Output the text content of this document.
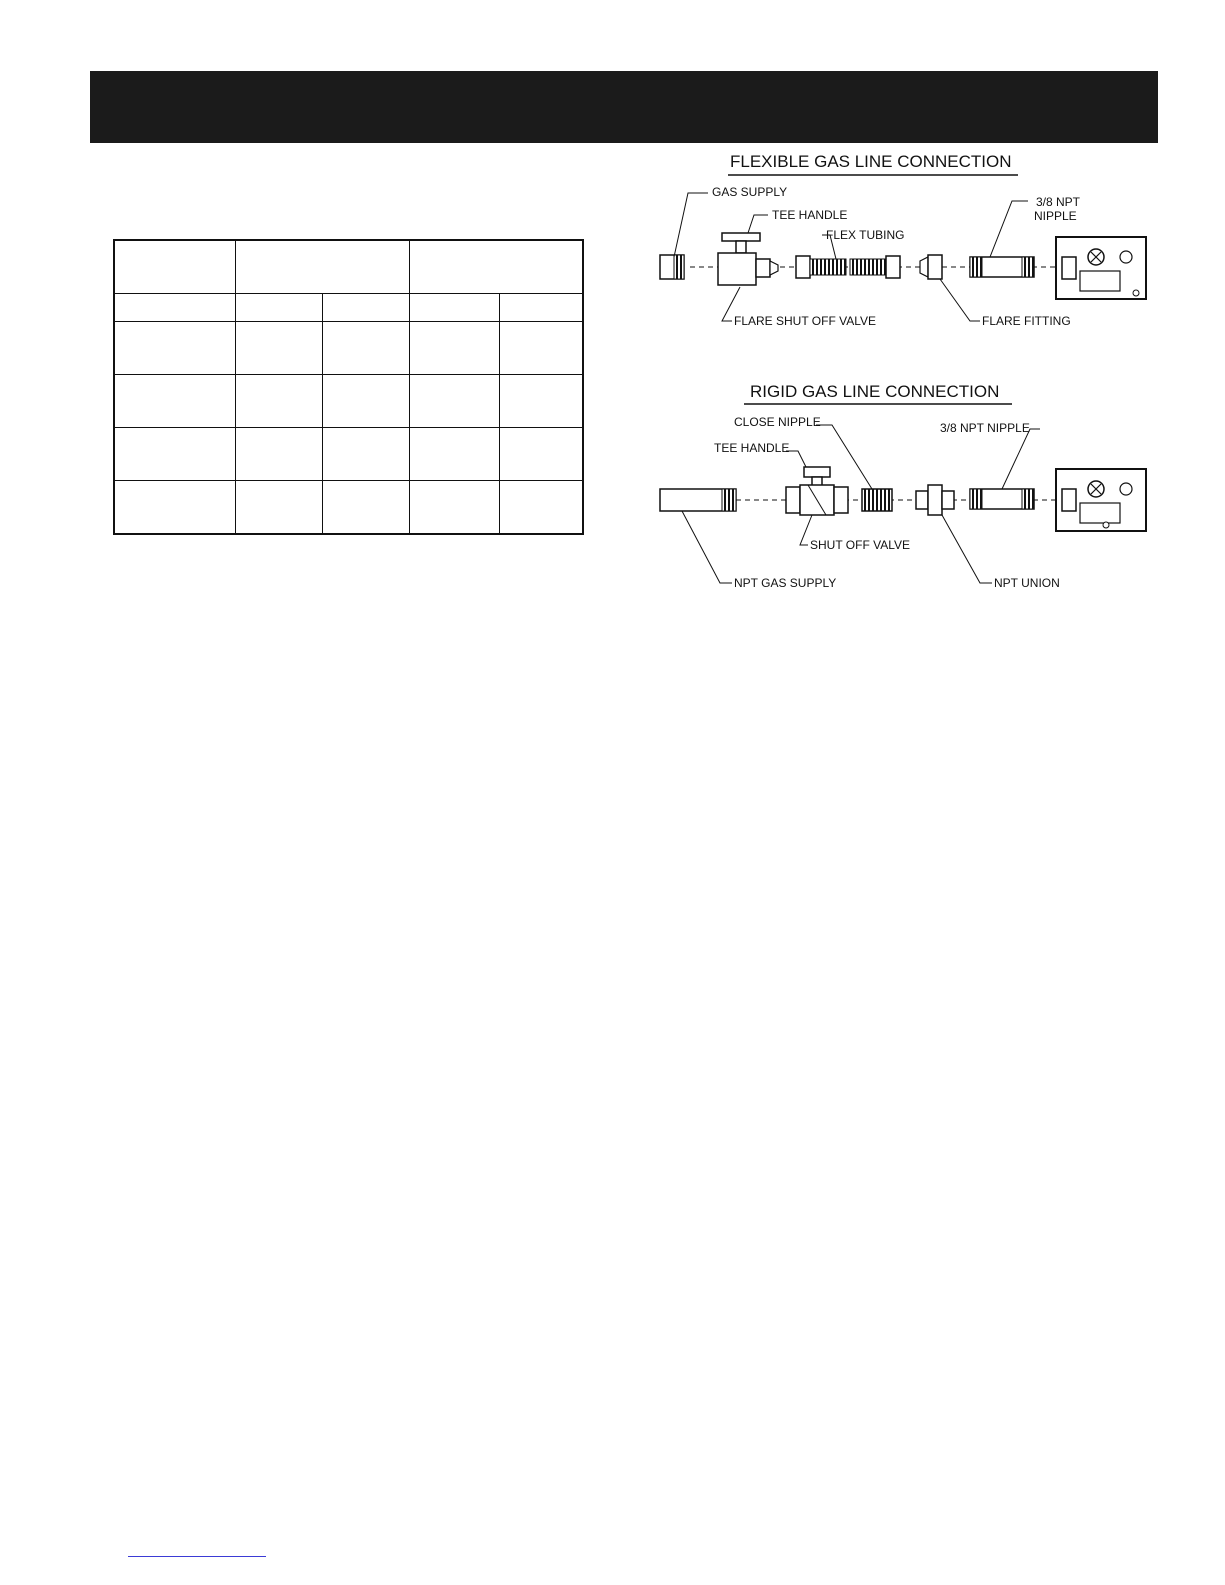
FLEXIBLE GAS LINE CONNECTION
GAS SUPPLY
TEE HANDLE
FLEX TUBING
3/8 NPT
NIPPLE
FLARE SHUT OFF VALVE	FLARE FITTING
RIGID GAS LINE CONNECTION
CLOSE NIPPLE
TEE HANDLE
3/8 NPT NIPPLE
SHUT OFF VALVE
NPT GAS SUPPLY	NPT UNION
